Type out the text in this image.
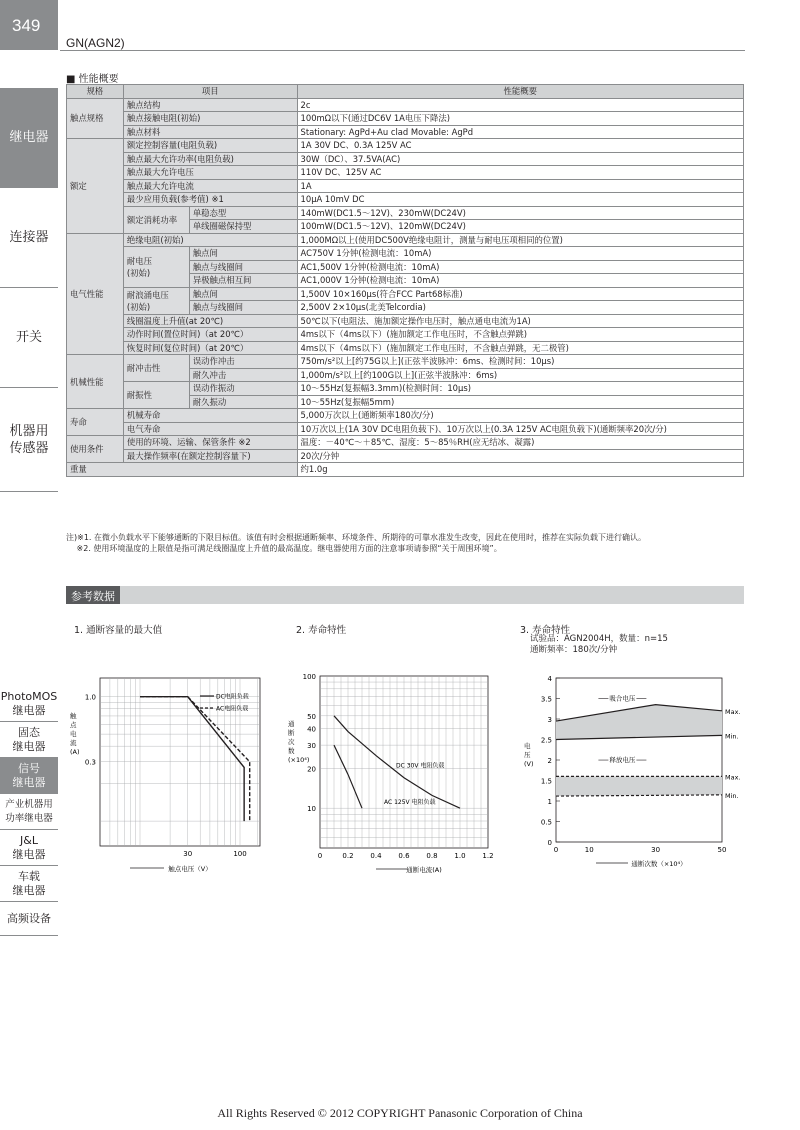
349
GN(AGN2)
继电器
连接器
开关
机器用
传感器
PhotoMOS
继电器
固态
继电器
信号
继电器
产业机器用
功率继电器
J&L
继电器
车载
继电器
高频设备
■ 性能概要
规格	项目		性能概要
触点规格	触点结构		2c
	触点接触电阻(初始)		100mΩ以下(通过DC6V 1A电压下降法)
	触点材料		Stationary: AgPd+Au clad Movable: AgPd
额定	额定控制容量(电阻负载)		1A 30V DC、0.3A 125V AC
	触点最大允许功率(电阻负载)		30W（DC）、37.5VA(AC)
	触点最大允许电压		110V DC、125V AC
	触点最大允许电流		1A
	最少应用负载(参考值) ※1		10μA 10mV DC
	额定消耗功率	单稳态型	140mW(DC1.5～12V)、230mW(DC24V)
		单线圈磁保持型	100mW(DC1.5～12V)、120mW(DC24V)
电气性能	绝缘电阻(初始)		1,000MΩ以上(使用DC500V绝缘电阻计，测量与耐电压项相同的位置)
	耐电压
(初始)	触点间	AC750V 1分钟(检测电流：10mA)
		触点与线圈间	AC1,500V 1分钟(检测电流：10mA)
		异极触点相互间	AC1,000V 1分钟(检测电流：10mA)
	耐浪涌电压
(初始)	触点间	1,500V 10×160μs(符合FCC Part68标准)
		触点与线圈间	2,500V 2×10μs(北美Telcordia)
	线圈温度上升值(at 20℃)		50℃以下(电阻法、施加额定操作电压时，触点通电电流为1A)
	动作时间(置位时间)（at 20℃）		4ms以下（4ms以下）(施加额定工作电压时，不含触点弹跳)
	恢复时间(复位时间)（at 20℃）		4ms以下（4ms以下）(施加额定工作电压时，不含触点弹跳，无二极管)
机械性能	耐冲击性	误动作冲击	750m/s²以上[约75G以上](正弦半波脉冲：6ms、检测时间：10μs)
		耐久冲击	1,000m/s²以上[约100G以上](正弦半波脉冲：6ms)
	耐振性	误动作振动	10～55Hz(复振幅3.3mm)(检测时间：10μs)
		耐久振动	10～55Hz(复振幅5mm)
寿命	机械寿命		5,000万次以上(通断频率180次/分)
	电气寿命		10万次以上(1A 30V DC电阻负载下)、10万次以上(0.3A 125V AC电阻负载下)(通断频率20次/分)
使用条件	使用的环境、运输、保管条件 ※2		温度：－40℃～＋85℃、湿度：5～85％RH(应无结冰、凝露)
	最大操作频率(在额定控制容量下)		20次/分钟
重量			约1.0g
注)※1. 在微小负载水平下能够通断的下限目标值。该值有时会根据通断频率、环境条件、所期待的可靠水准发生改变，因此在使用时，推荐在实际负载下进行确认。
　 ※2. 使用环境温度的上限值是指可满足线圈温度上升值的最高温度。继电器使用方面的注意事项请参照“关于周围环境”。
参考数据
1. 通断容量的最大值
1.0
0.3
30	100
DC电阻负载
AC电阻负载
触点电流(A)
触点电压（V）
2. 寿命特性
10
20
30
40
50
100
0	0.2 0.4 0.6 0.8 1.0 1.2
DC 30V 电阻负载
AC 125V 电阻负载
通断次数(×10⁴)
通断电流(A)
3. 寿命特性
试验品：AGN2004H，数量：n=15
通断频率：180次/分钟
0
0.5
1
1.5
2
2.5
3
3.5
4
0	10	30	50
Max.
Min.
吸合电压
Max.
Min.
释放电压
电压(V)
通断次数（×10⁴）
All Rights Reserved © 2012 COPYRIGHT Panasonic Corporation of China
